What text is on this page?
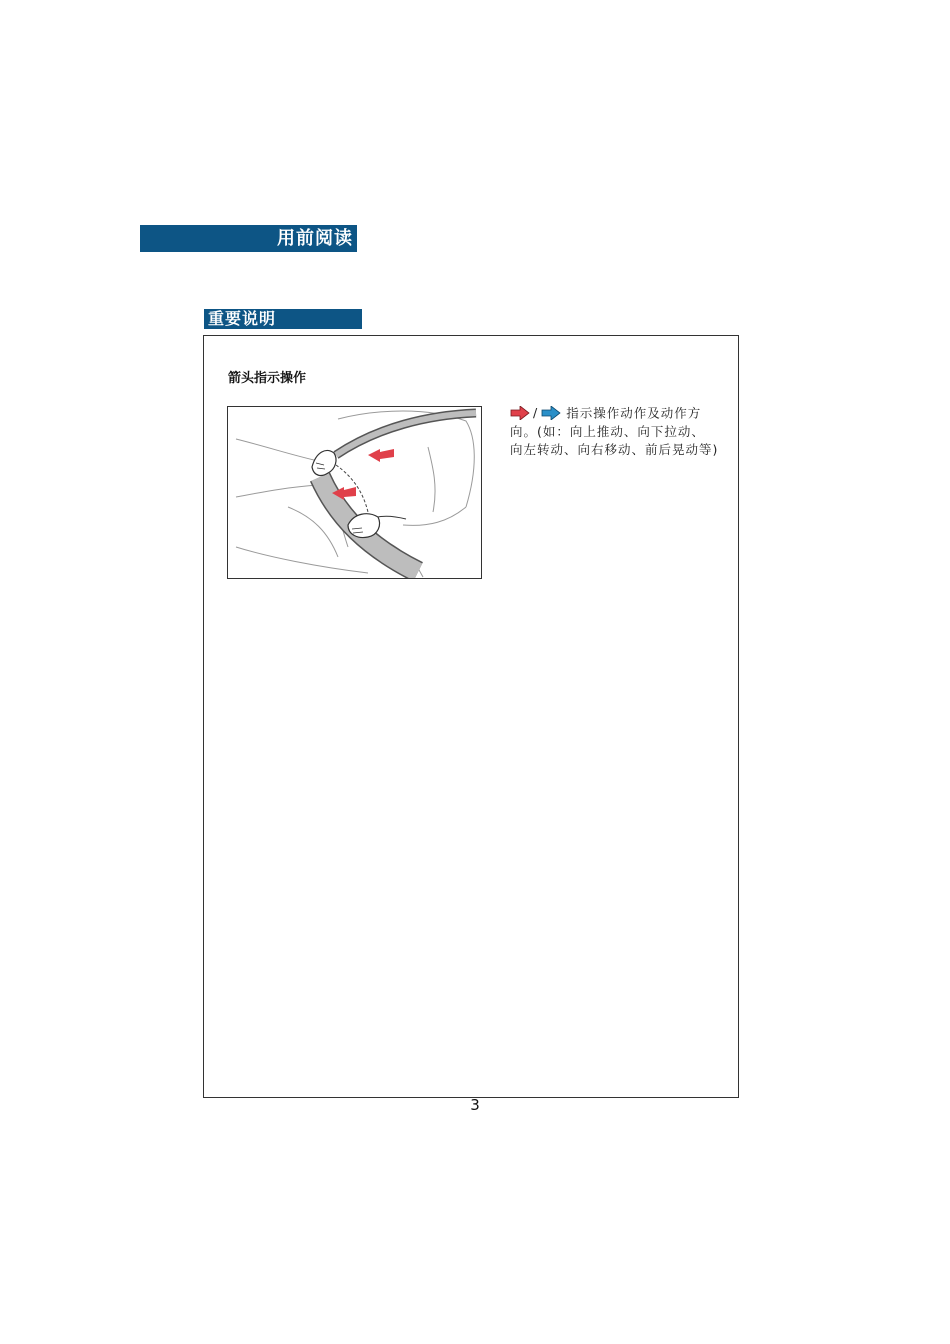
用前阅读
重要说明
箭头指示操作
/ 指示操作动作及动作方
向。(如：向上推动、向下拉动、
向左转动、向右移动、前后晃动等)
3
